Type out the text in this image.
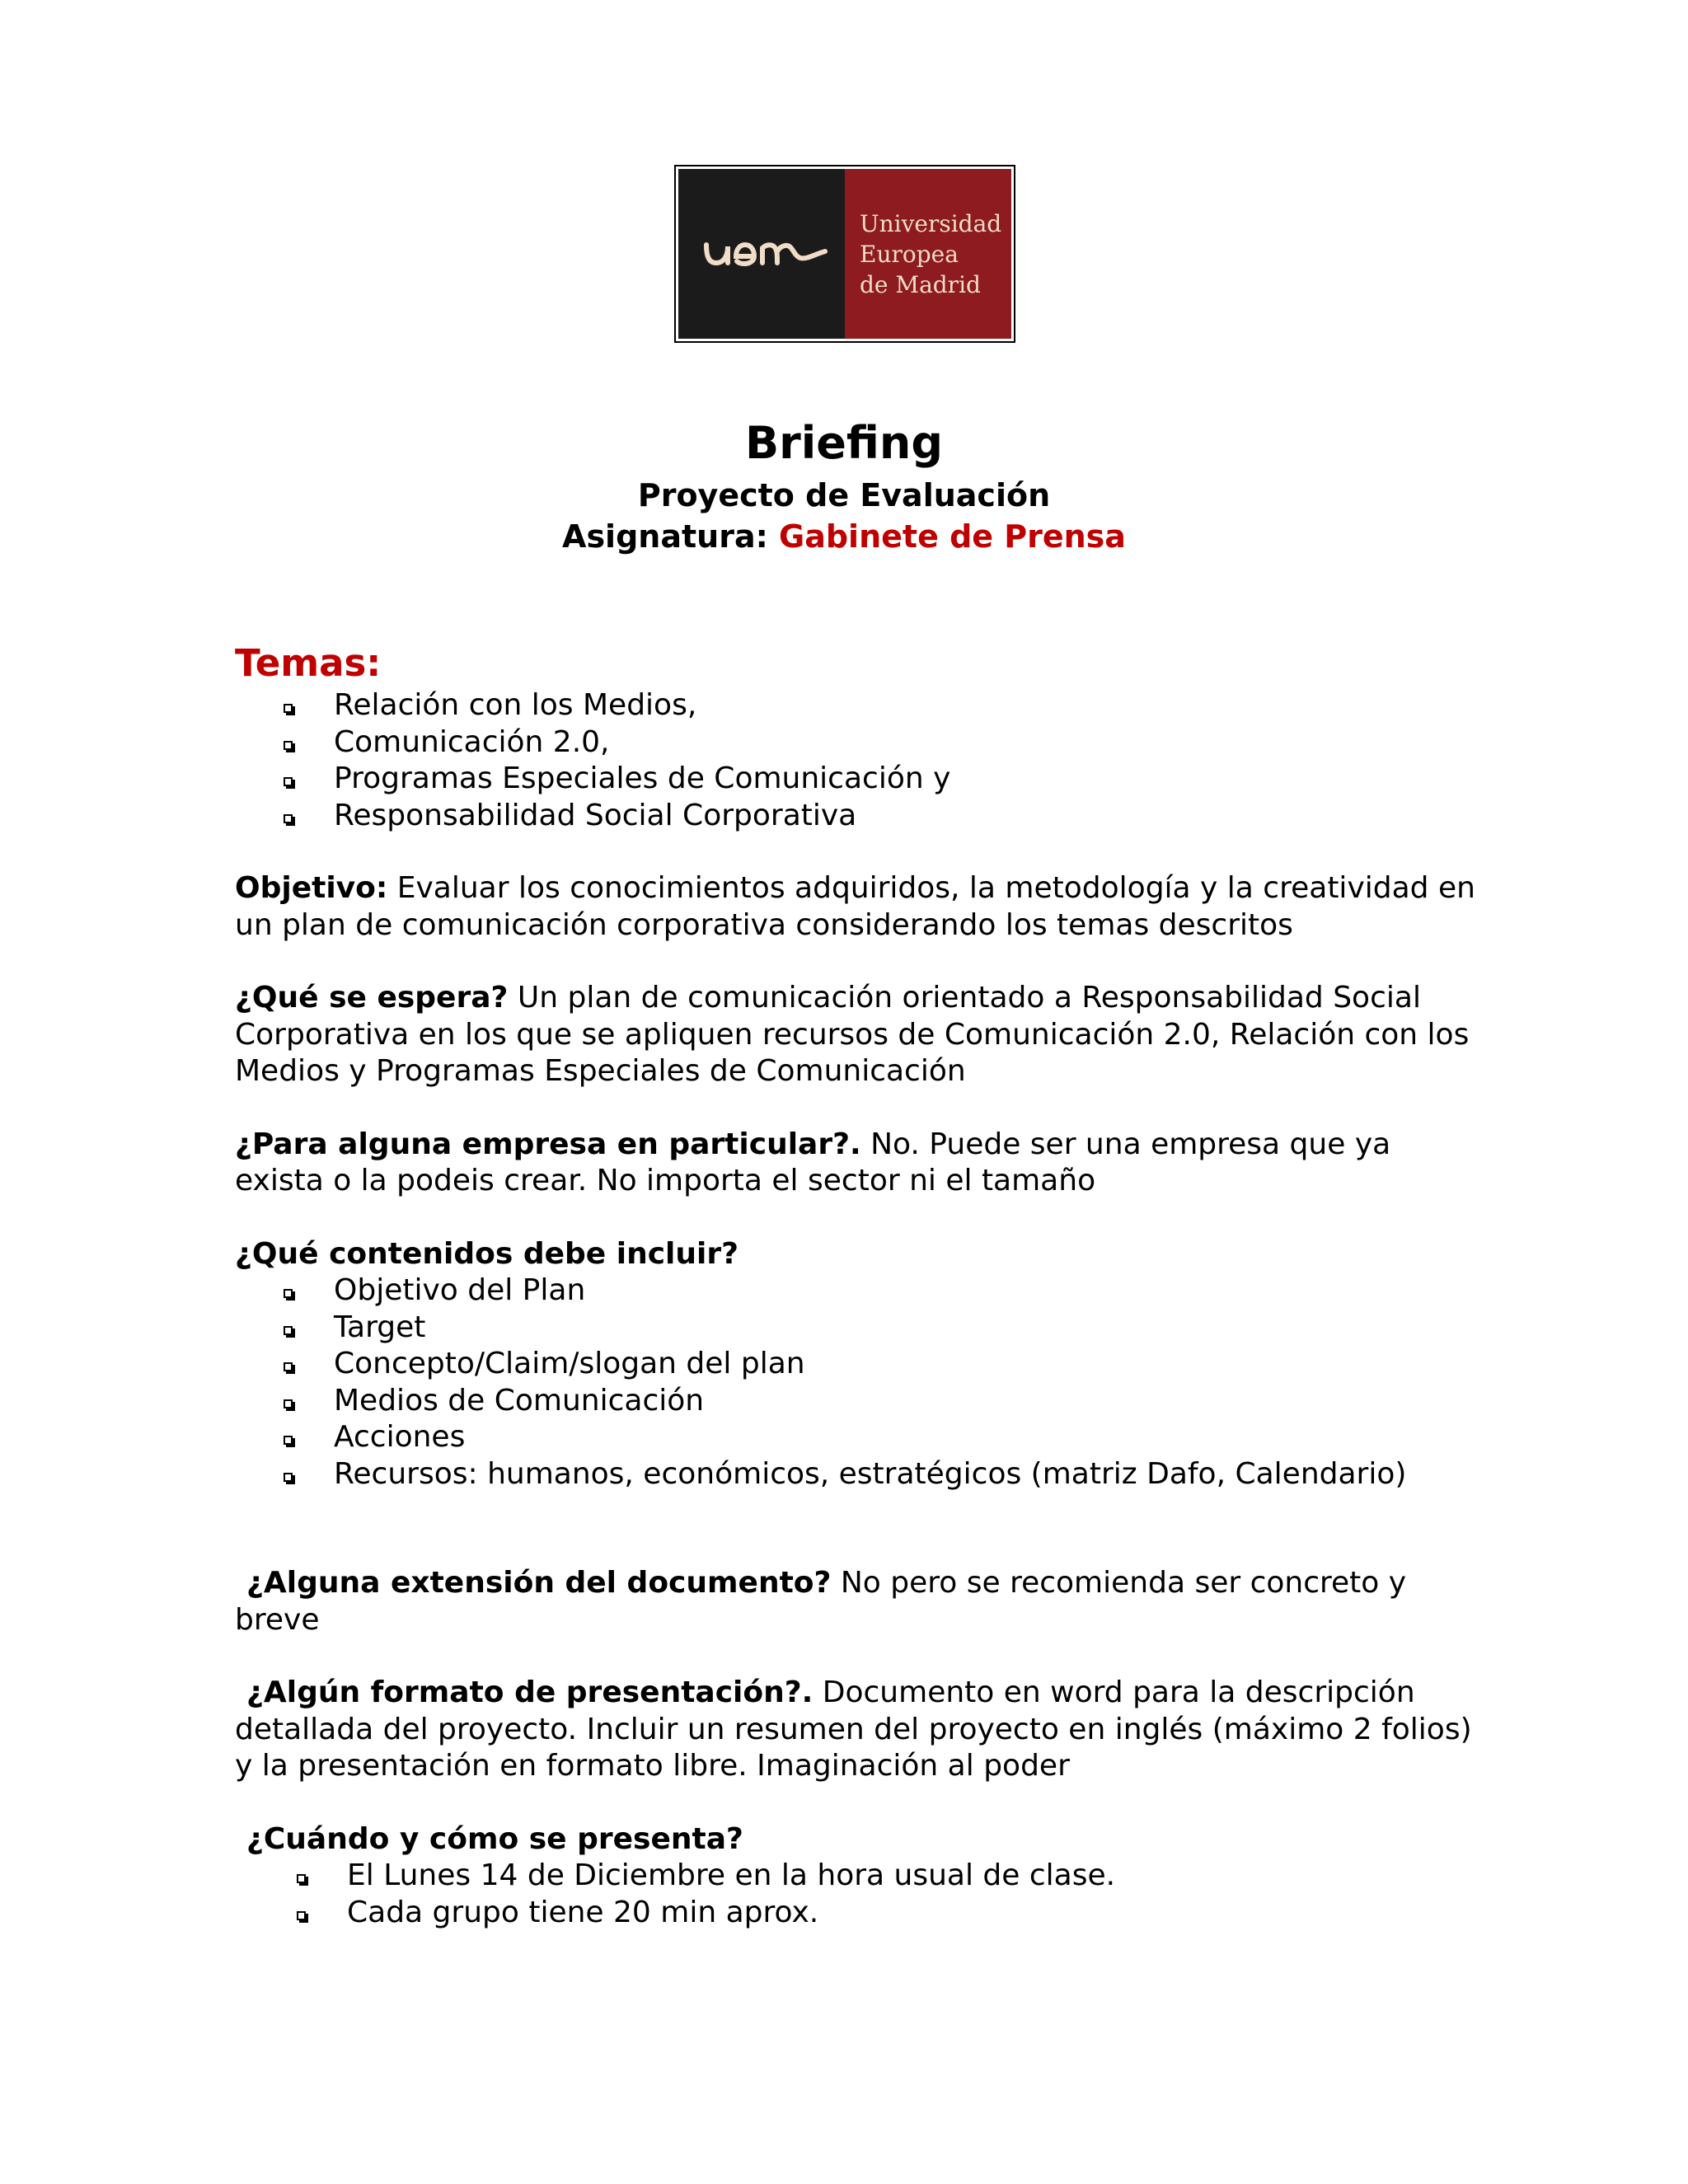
Universidad
Europea
de Madrid
Briefing
Proyecto de Evaluación
Asignatura: Gabinete de Prensa
Temas:
Relación con los Medios,
Comunicación 2.0,
Programas Especiales de Comunicación y
Responsabilidad Social Corporativa

Objetivo: Evaluar los conocimientos adquiridos, la metodología y la creatividad en un plan de comunicación corporativa considerando los temas descritos

¿Qué se espera? Un plan de comunicación orientado a Responsabilidad Social Corporativa en los que se apliquen recursos de Comunicación 2.0, Relación con los Medios y Programas Especiales de Comunicación

¿Para alguna empresa en particular?. No. Puede ser una empresa que ya exista o la podeis crear. No importa el sector ni el tamaño

¿Qué contenidos debe incluir?

Objetivo del Plan
Target
Concepto/Claim/slogan del plan
Medios de Comunicación
Acciones
Recursos: humanos, económicos, estratégicos (matriz Dafo, Calendario)

¿Alguna extensión del documento? No pero se recomienda ser concreto y breve

¿Algún formato de presentación?. Documento en word para la descripción detallada del proyecto. Incluir un resumen del proyecto en inglés (máximo 2 folios) y la presentación en formato libre. Imaginación al poder

¿Cuándo y cómo se presenta?

El Lunes 14 de Diciembre en la hora usual de clase.
Cada grupo tiene 20 min aprox.
